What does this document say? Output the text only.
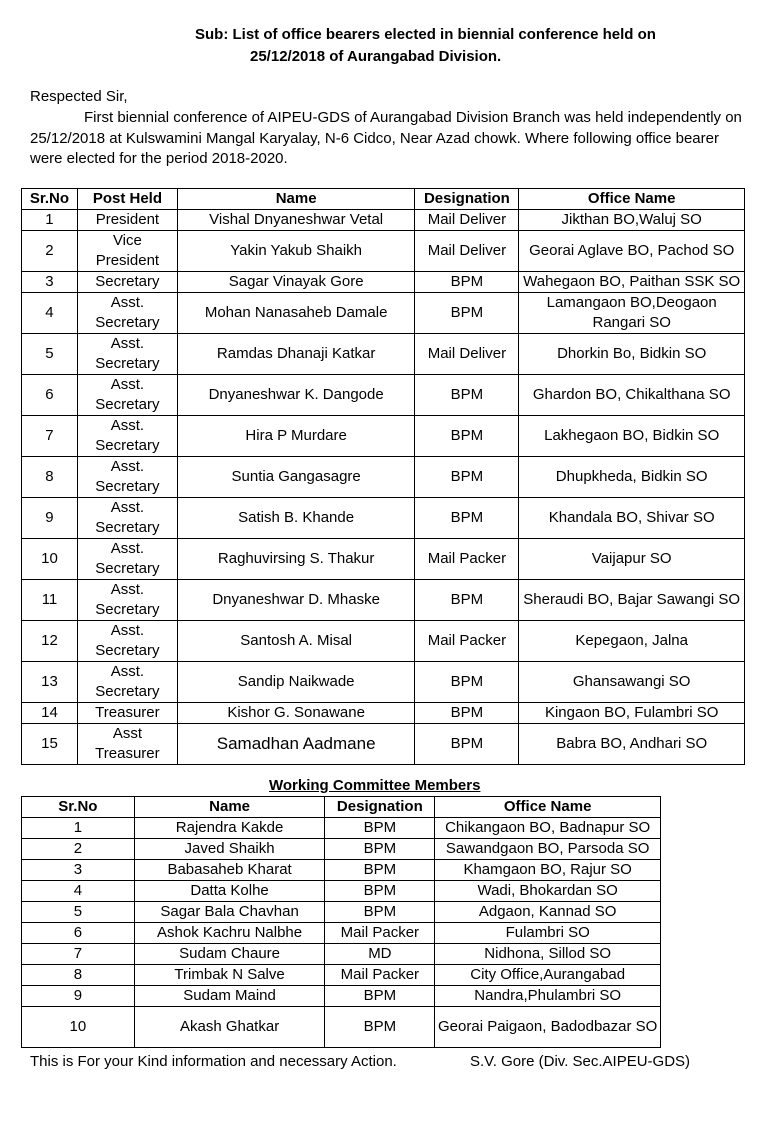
Sub: List of office bearers elected in biennial conference held on
25/12/2018 of Aurangabad Division.
Respected Sir,
First biennial conference of AIPEU-GDS of Aurangabad Division Branch was held independently on 25/12/2018 at Kulswamini Mangal Karyalay, N-6 Cidco, Near Azad chowk. Where following office bearer were elected for the period 2018-2020.
Sr.No	Post Held	Name	Designation	Office Name
1	President	Vishal Dnyaneshwar Vetal	Mail Deliver	Jikthan BO,Waluj SO
2	Vice President	Yakin Yakub Shaikh	Mail Deliver	Georai Aglave BO, Pachod SO
3	Secretary	Sagar Vinayak Gore	BPM	Wahegaon BO, Paithan SSK SO
4	Asst. Secretary	Mohan Nanasaheb Damale	BPM	Lamangaon BO,Deogaon Rangari SO
5	Asst. Secretary	Ramdas Dhanaji Katkar	Mail Deliver	Dhorkin Bo, Bidkin SO
6	Asst. Secretary	Dnyaneshwar K. Dangode	BPM	Ghardon BO, Chikalthana SO
7	Asst. Secretary	Hira P Murdare	BPM	Lakhegaon BO, Bidkin SO
8	Asst. Secretary	Suntia Gangasagre	BPM	Dhupkheda, Bidkin SO
9	Asst. Secretary	Satish B. Khande	BPM	Khandala BO, Shivar SO
10	Asst. Secretary	Raghuvirsing S. Thakur	Mail Packer	Vaijapur SO
11	Asst. Secretary	Dnyaneshwar D. Mhaske	BPM	Sheraudi BO, Bajar Sawangi SO
12	Asst. Secretary	Santosh A. Misal	Mail Packer	Kepegaon, Jalna
13	Asst. Secretary	Sandip Naikwade	BPM	Ghansawangi SO
14	Treasurer	Kishor G. Sonawane	BPM	Kingaon BO, Fulambri SO
15	Asst Treasurer	Samadhan Aadmane	BPM	Babra BO, Andhari SO
Working Committee Members
Sr.No	Name	Designation	Office Name
1	Rajendra Kakde	BPM	Chikangaon BO, Badnapur SO
2	Javed Shaikh	BPM	Sawandgaon BO, Parsoda SO
3	Babasaheb Kharat	BPM	Khamgaon BO, Rajur SO
4	Datta Kolhe	BPM	Wadi, Bhokardan SO
5	Sagar Bala Chavhan	BPM	Adgaon, Kannad SO
6	Ashok Kachru Nalbhe	Mail Packer	Fulambri SO
7	Sudam Chaure	MD	Nidhona, Sillod SO
8	Trimbak N Salve	Mail Packer	City Office,Aurangabad
9	Sudam Maind	BPM	Nandra,Phulambri SO
10	Akash Ghatkar	BPM	Georai Paigaon, Badodbazar SO
This is For your Kind information and necessary Action.	S.V. Gore (Div. Sec.AIPEU-GDS)
